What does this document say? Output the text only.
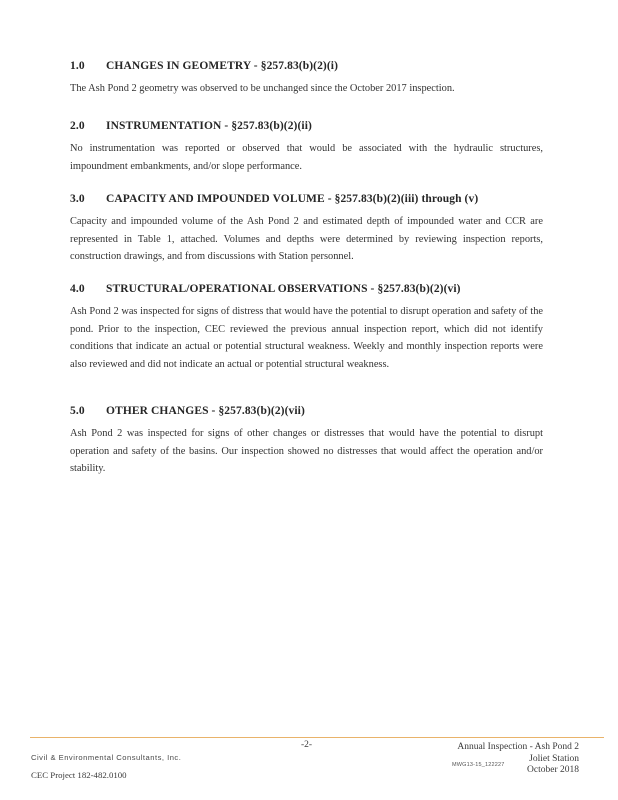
1.0 CHANGES IN GEOMETRY - §257.83(b)(2)(i)

The Ash Pond 2 geometry was observed to be unchanged since the October 2017 inspection.

2.0 INSTRUMENTATION - §257.83(b)(2)(ii)

No instrumentation was reported or observed that would be associated with the hydraulic structures, impoundment embankments, and/or slope performance.

3.0 CAPACITY AND IMPOUNDED VOLUME - §257.83(b)(2)(iii) through (v)

Capacity and impounded volume of the Ash Pond 2 and estimated depth of impounded water and CCR are represented in Table 1, attached. Volumes and depths were determined by reviewing inspection reports, construction drawings, and from discussions with Station personnel.

4.0 STRUCTURAL/OPERATIONAL OBSERVATIONS - §257.83(b)(2)(vi)

Ash Pond 2 was inspected for signs of distress that would have the potential to disrupt operation and safety of the pond. Prior to the inspection, CEC reviewed the previous annual inspection report, which did not identify conditions that indicate an actual or potential structural weakness. Weekly and monthly inspection reports were also reviewed and did not indicate an actual or potential structural weakness.

5.0 OTHER CHANGES - §257.83(b)(2)(vii)

Ash Pond 2 was inspected for signs of other changes or distresses that would have the potential to disrupt operation and safety of the basins. Our inspection showed no distresses that would affect the operation and/or stability.

Civil & Environmental Consultants, Inc.
CEC Project 182-482.0100
-2-	Annual Inspection - Ash Pond 2
Joliet Station
October 2018
MWG13-15_122227
